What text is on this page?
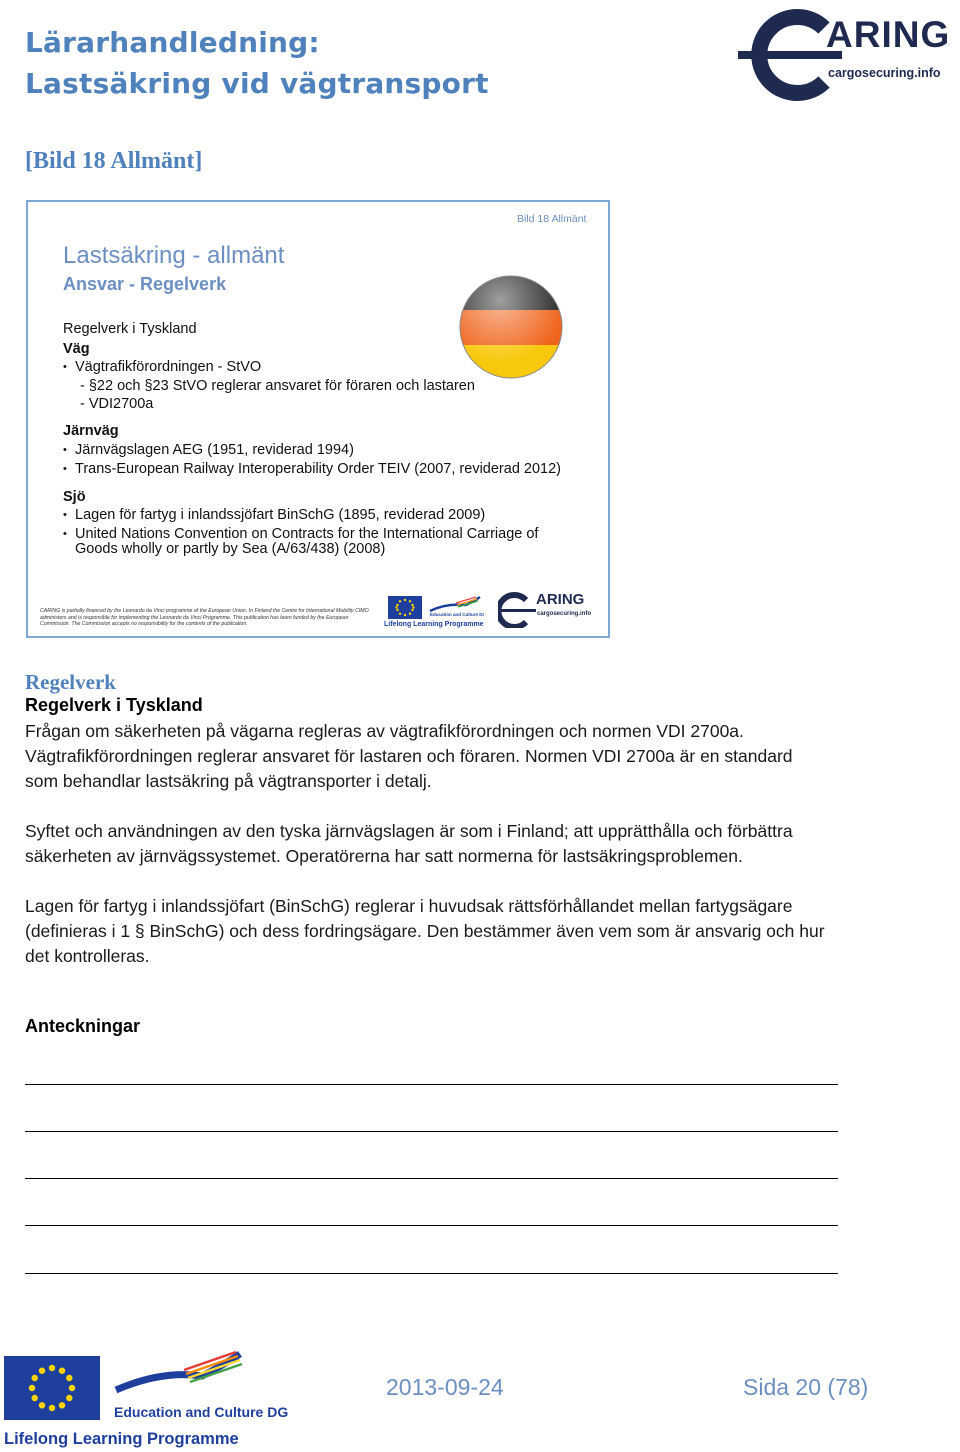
Lärarhandledning:
Lastsäkring vid vägtransport
ARING
cargosecuring.info
[Bild 18 Allmänt]
Bild 18 Allmänt
Lastsäkring - allmänt
Ansvar - Regelverk
Regelverk i Tyskland
Väg
• Vägtrafikförordningen - StVO
- §22 och §23 StVO reglerar ansvaret för föraren och lastaren
- VDI2700a
Järnväg
• Järnvägslagen AEG (1951, reviderad 1994)
• Trans-European Railway Interoperability Order TEIV (2007, reviderad 2012)
Sjö
• Lagen för fartyg i inlandssjöfart BinSchG (1895, reviderad 2009)
• United Nations Convention on Contracts for the International Carriage of
Goods wholly or partly by Sea (A/63/438) (2008)
CARING is partially financed by the Leonardo da Vinci programme of the European Union. In Finland the Centre for International Mobility CIMO administers and is responsible for implementing the Leonardo da Vinci Programme. This publication has been funded by the European Commission. The Commission accepts no responsibility for the contents of the publication.
Education and Culture DG
Lifelong Learning Programme
ARING
cargosecuring.info
Regelverk
Regelverk i Tyskland
Frågan om säkerheten på vägarna regleras av vägtrafikförordningen och normen VDI 2700a.
Vägtrafikförordningen reglerar ansvaret för lastaren och föraren. Normen VDI 2700a är en standard
som behandlar lastsäkring på vägtransporter i detalj.
Syftet och användningen av den tyska järnvägslagen är som i Finland; att upprätthålla och förbättra
säkerheten av järnvägssystemet. Operatörerna har satt normerna för lastsäkringsproblemen.
Lagen för fartyg i inlandssjöfart (BinSchG) reglerar i huvudsak rättsförhållandet mellan fartygsägare
(definieras i 1 § BinSchG) och dess fordringsägare. Den bestämmer även vem som är ansvarig och hur
det kontrolleras.
Anteckningar
Education and Culture DG
Lifelong Learning Programme
2013-09-24	Sida 20 (78)
